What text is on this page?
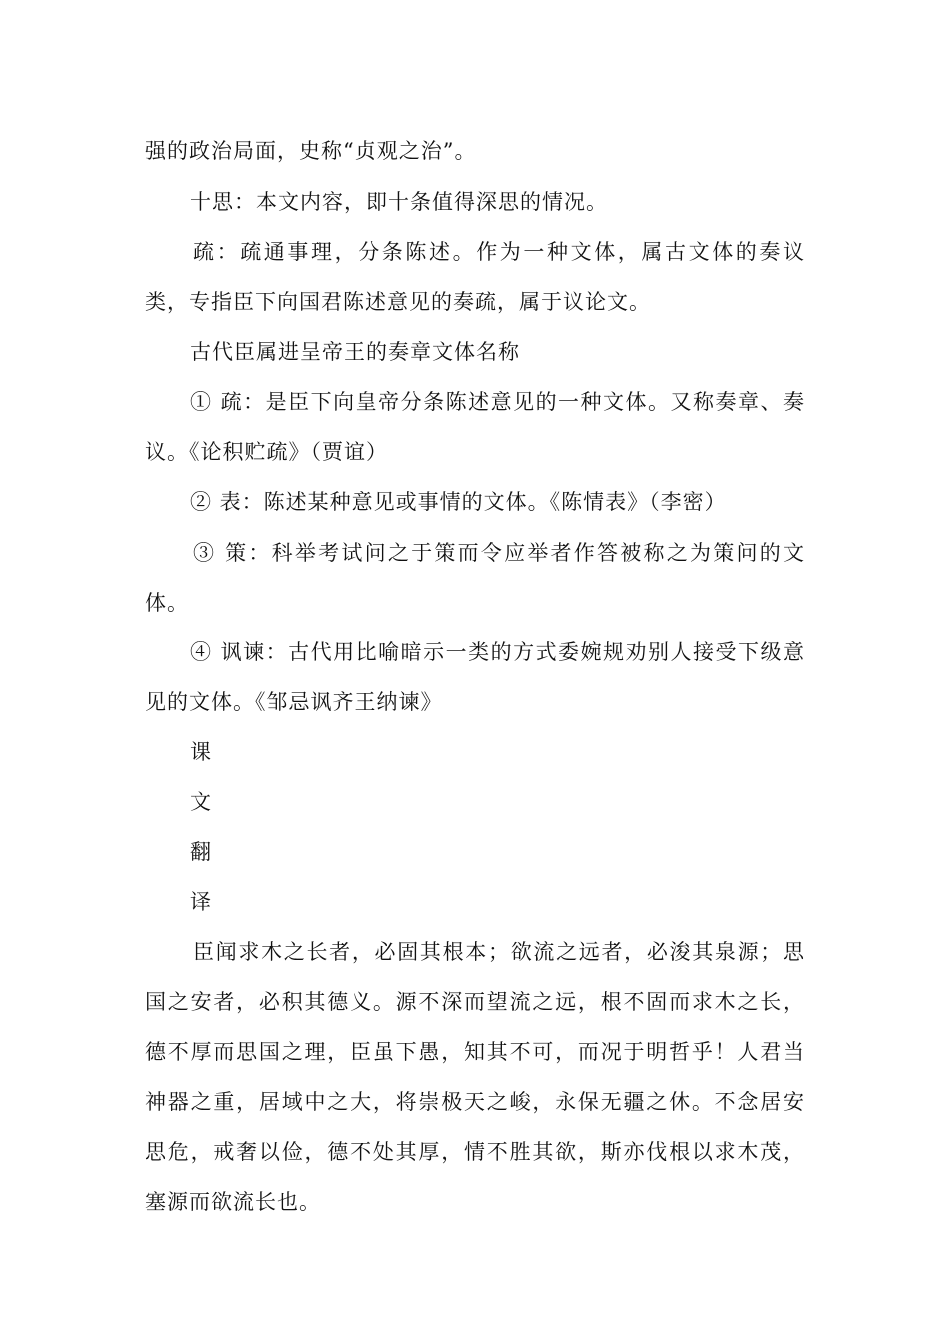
强的政治局面，史称“贞观之治”。
十思：本文内容，即十条值得深思的情况。
疏：疏通事理，分条陈述。作为一种文体，属古文体的奏议
类，专指臣下向国君陈述意见的奏疏，属于议论文。
古代臣属进呈帝王的奏章文体名称
① 疏：是臣下向皇帝分条陈述意见的一种文体。又称奏章、奏
议。《论积贮疏》（贾谊）
② 表：陈述某种意见或事情的文体。《陈情表》（李密）
③ 策：科举考试问之于策而令应举者作答被称之为策问的文
体。
④ 讽谏：古代用比喻暗示一类的方式委婉规劝别人接受下级意
见的文体。《邹忌讽齐王纳谏》
课
文
翻
译
臣闻求木之长者，必固其根本；欲流之远者，必浚其泉源；思
国之安者，必积其德义。源不深而望流之远，根不固而求木之长，
德不厚而思国之理，臣虽下愚，知其不可，而况于明哲乎！人君当
神器之重，居域中之大，将崇极天之峻，永保无疆之休。不念居安
思危，戒奢以俭，德不处其厚，情不胜其欲，斯亦伐根以求木茂，
塞源而欲流长也。
